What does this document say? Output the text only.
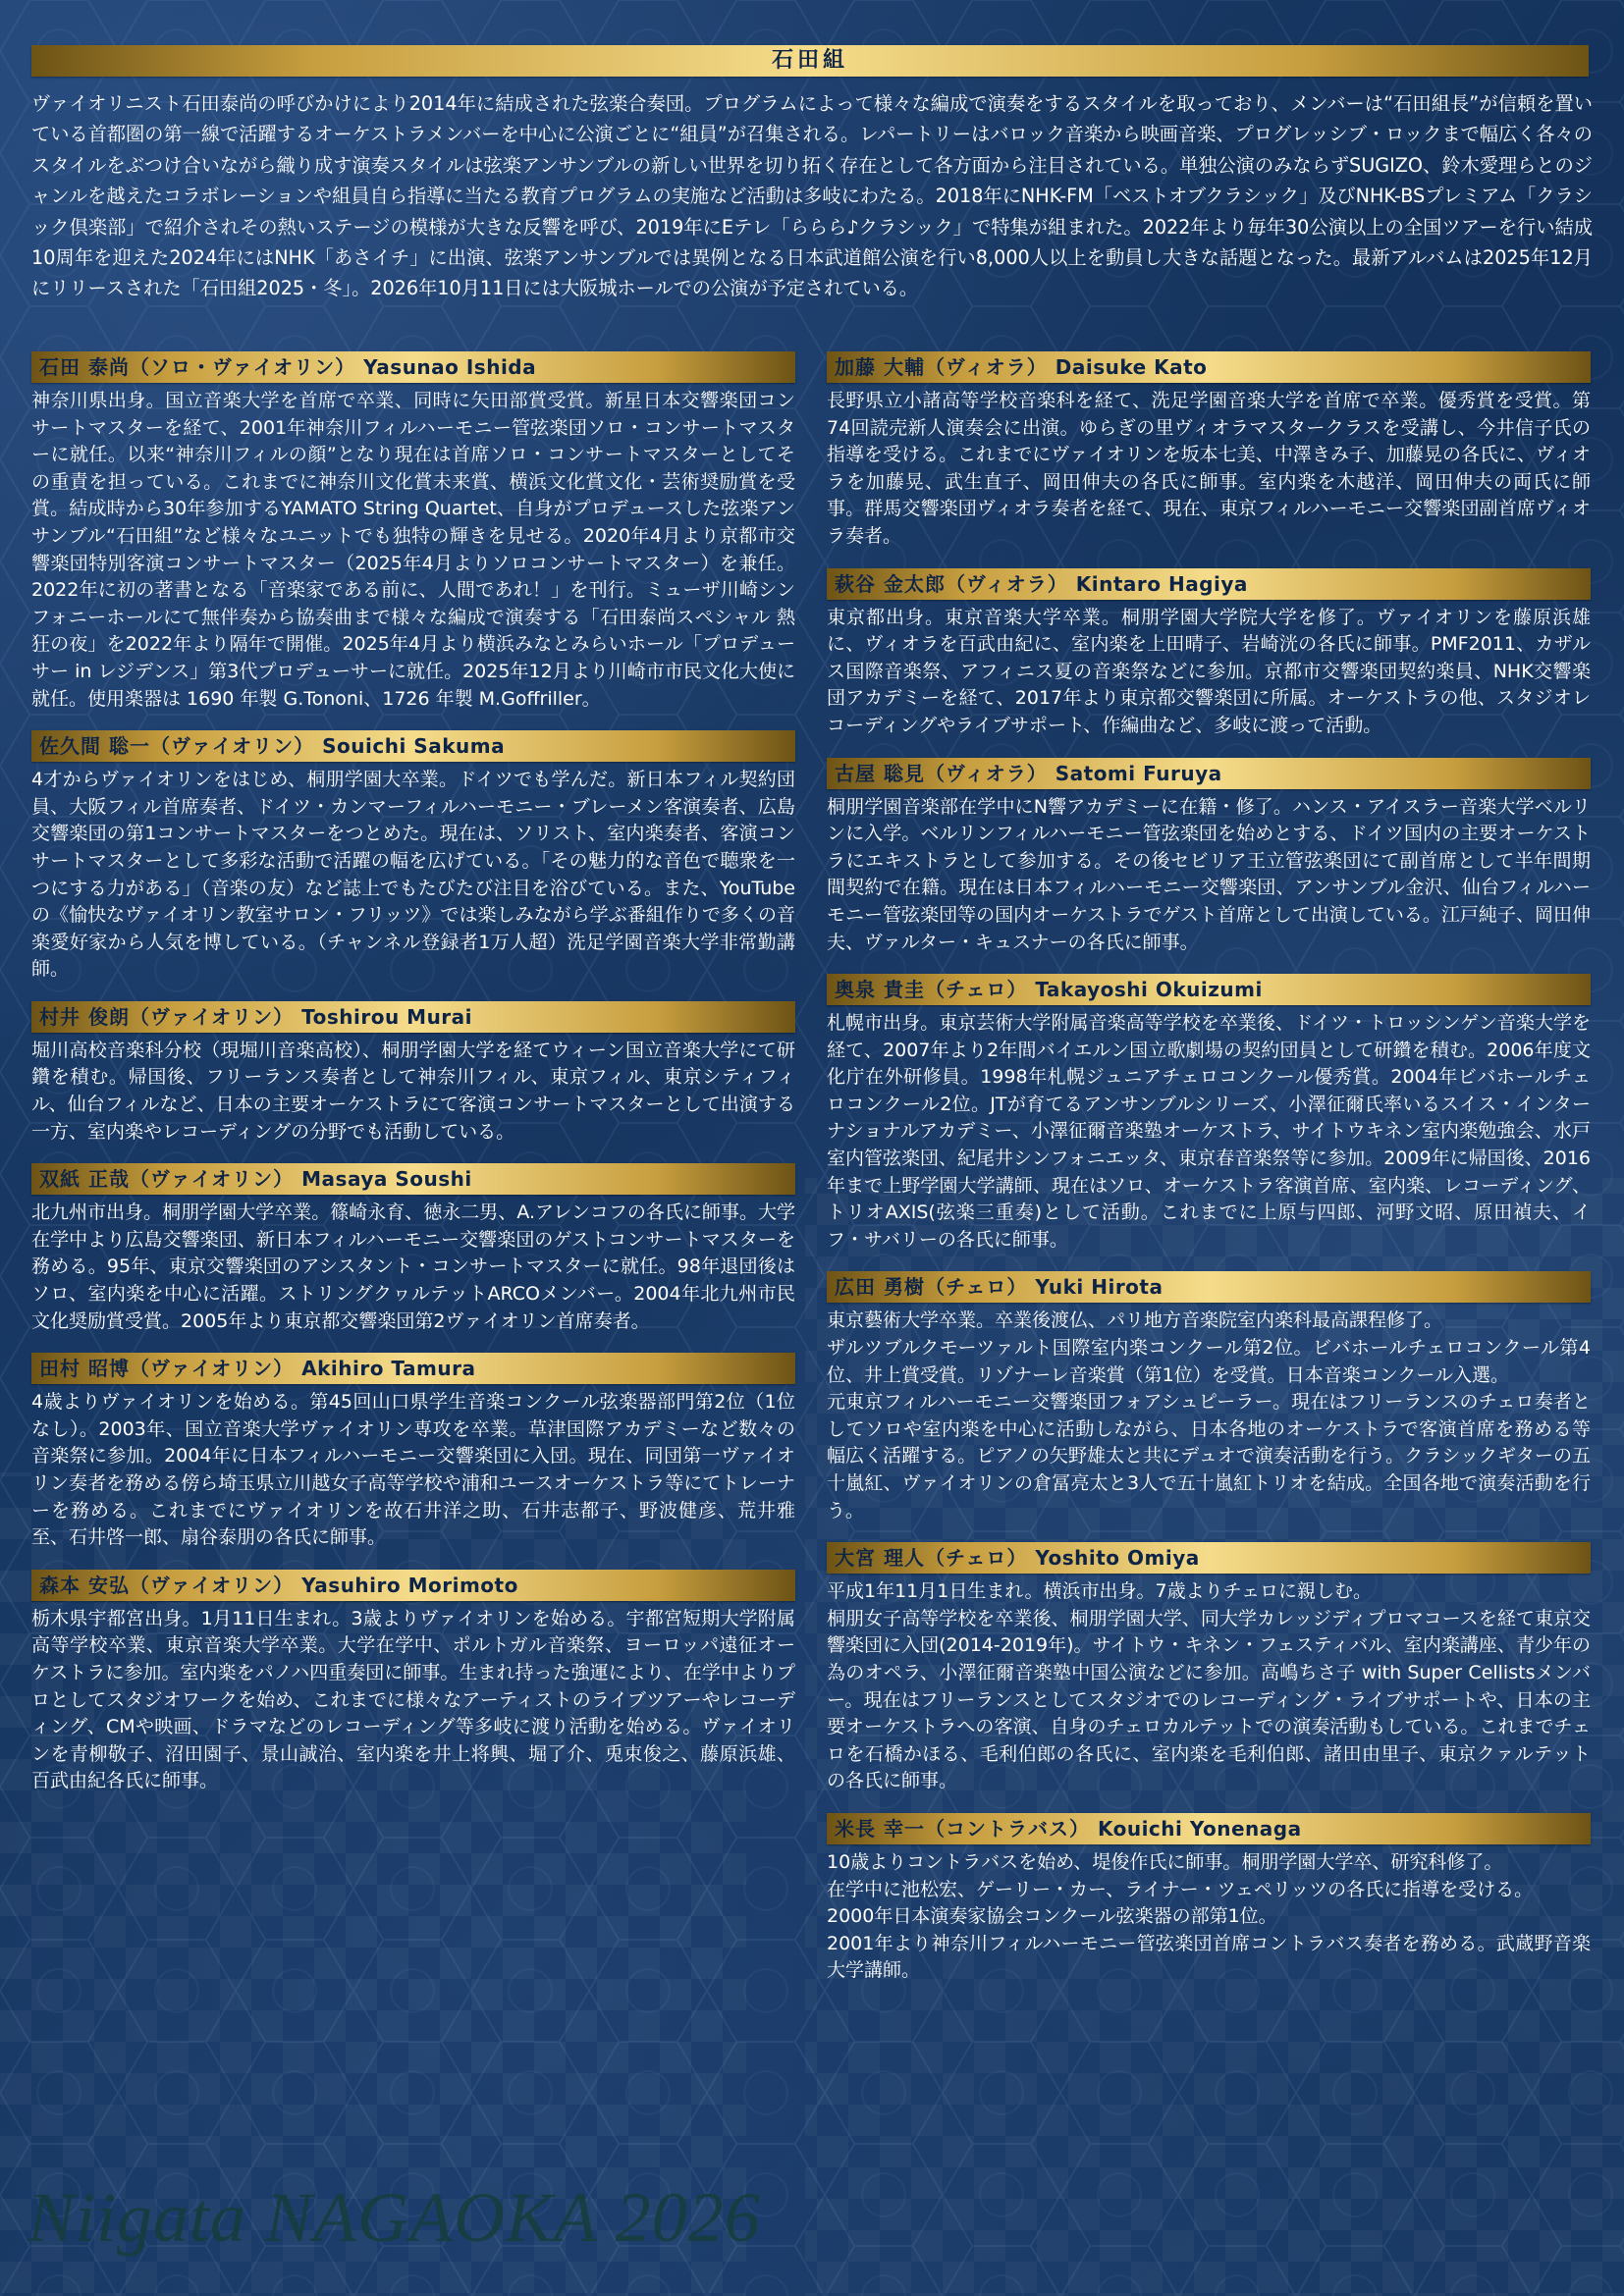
石田組

ヴァイオリニスト石田泰尚の呼びかけにより2014年に結成された弦楽合奏団。プログラムによって様々な編成で演奏をするスタイルを取っており、メンバーは“石田組長”が信頼を置いている首都圏の第一線で活躍するオーケストラメンバーを中心に公演ごとに“組員”が召集される。レパートリーはバロック音楽から映画音楽、プログレッシブ・ロックまで幅広く各々のスタイルをぶつけ合いながら織り成す演奏スタイルは弦楽アンサンブルの新しい世界を切り拓く存在として各方面から注目されている。単独公演のみならずSUGIZO、鈴木愛理らとのジャンルを越えたコラボレーションや組員自ら指導に当たる教育プログラムの実施など活動は多岐にわたる。2018年にNHK-FM「ベストオブクラシック」及びNHK-BSプレミアム「クラシック倶楽部」で紹介されその熱いステージの模様が大きな反響を呼び、2019年にEテレ「ららら♪クラシック」で特集が組まれた。2022年より毎年30公演以上の全国ツアーを行い結成10周年を迎えた2024年にはNHK「あさイチ」に出演、弦楽アンサンブルでは異例となる日本武道館公演を行い8,000人以上を動員し大きな話題となった。最新アルバムは2025年12月にリリースされた「石田組2025・冬」。2026年10月11日には大阪城ホールでの公演が予定されている。

石田 泰尚（ソロ・ヴァイオリン） Yasunao Ishida

神奈川県出身。国立音楽大学を首席で卒業、同時に矢田部賞受賞。新星日本交響楽団コンサートマスターを経て、2001年神奈川フィルハーモニー管弦楽団ソロ・コンサートマスターに就任。以来“神奈川フィルの顔”となり現在は首席ソロ・コンサートマスターとしてその重責を担っている。これまでに神奈川文化賞未来賞、横浜文化賞文化・芸術奨励賞を受賞。結成時から30年参加するYAMATO String Quartet、自身がプロデュースした弦楽アンサンブル“石田組”など様々なユニットでも独特の輝きを見せる。2020年4月より京都市交響楽団特別客演コンサートマスター（2025年4月よりソロコンサートマスター）を兼任。2022年に初の著書となる「音楽家である前に、人間であれ！」を刊行。ミューザ川崎シンフォニーホールにて無伴奏から協奏曲まで様々な編成で演奏する「石田泰尚スペシャル 熱狂の夜」を2022年より隔年で開催。2025年4月より横浜みなとみらいホール「プロデューサー in レジデンス」第3代プロデューサーに就任。2025年12月より川崎市市民文化大使に就任。使用楽器は 1690 年製 G.Tononi、1726 年製 M.Goffriller。

佐久間 聡一（ヴァイオリン） Souichi Sakuma

4才からヴァイオリンをはじめ、桐朋学園大卒業。ドイツでも学んだ。新日本フィル契約団員、大阪フィル首席奏者、ドイツ・カンマーフィルハーモニー・ブレーメン客演奏者、広島交響楽団の第1コンサートマスターをつとめた。現在は、ソリスト、室内楽奏者、客演コンサートマスターとして多彩な活動で活躍の幅を広げている。「その魅力的な音色で聴衆を一つにする力がある」（音楽の友）など誌上でもたびたび注目を浴びている。また、YouTubeの《愉快なヴァイオリン教室サロン・フリッツ》では楽しみながら学ぶ番組作りで多くの音楽愛好家から人気を博している。（チャンネル登録者1万人超）洗足学園音楽大学非常勤講師。

村井 俊朗（ヴァイオリン） Toshirou Murai

堀川高校音楽科分校（現堀川音楽高校）、桐朋学園大学を経てウィーン国立音楽大学にて研鑽を積む。帰国後、フリーランス奏者として神奈川フィル、東京フィル、東京シティフィル、仙台フィルなど、日本の主要オーケストラにて客演コンサートマスターとして出演する一方、室内楽やレコーディングの分野でも活動している。

双紙 正哉（ヴァイオリン） Masaya Soushi

北九州市出身。桐朋学園大学卒業。篠崎永育、徳永二男、A.アレンコフの各氏に師事。大学在学中より広島交響楽団、新日本フィルハーモニー交響楽団のゲストコンサートマスターを務める。95年、東京交響楽団のアシスタント・コンサートマスターに就任。98年退団後はソロ、室内楽を中心に活躍。ストリングクヮルテットARCOメンバー。2004年北九州市民文化奨励賞受賞。2005年より東京都交響楽団第2ヴァイオリン首席奏者。

田村 昭博（ヴァイオリン） Akihiro Tamura

4歳よりヴァイオリンを始める。第45回山口県学生音楽コンクール弦楽器部門第2位（1位なし）。2003年、国立音楽大学ヴァイオリン専攻を卒業。草津国際アカデミーなど数々の音楽祭に参加。2004年に日本フィルハーモニー交響楽団に入団。現在、同団第一ヴァイオリン奏者を務める傍ら埼玉県立川越女子高等学校や浦和ユースオーケストラ等にてトレーナーを務める。これまでにヴァイオリンを故石井洋之助、石井志都子、野波健彦、荒井雅至、石井啓一郎、扇谷泰朋の各氏に師事。

森本 安弘（ヴァイオリン） Yasuhiro Morimoto

栃木県宇都宮出身。1月11日生まれ。3歳よりヴァイオリンを始める。宇都宮短期大学附属高等学校卒業、東京音楽大学卒業。大学在学中、ポルトガル音楽祭、ヨーロッパ遠征オーケストラに参加。室内楽をパノハ四重奏団に師事。生まれ持った強運により、在学中よりプロとしてスタジオワークを始め、これまでに様々なアーティストのライブツアーやレコーディング、CMや映画、ドラマなどのレコーディング等多岐に渡り活動を始める。ヴァイオリンを青柳敬子、沼田園子、景山誠治、室内楽を井上将興、堀了介、兎束俊之、藤原浜雄、百武由紀各氏に師事。

加藤 大輔（ヴィオラ） Daisuke Kato

長野県立小諸高等学校音楽科を経て、洗足学園音楽大学を首席で卒業。優秀賞を受賞。第74回読売新人演奏会に出演。ゆらぎの里ヴィオラマスタークラスを受講し、今井信子氏の指導を受ける。これまでにヴァイオリンを坂本七美、中澤きみ子、加藤晃の各氏に、ヴィオラを加藤晃、武生直子、岡田伸夫の各氏に師事。室内楽を木越洋、岡田伸夫の両氏に師事。群馬交響楽団ヴィオラ奏者を経て、現在、東京フィルハーモニー交響楽団副首席ヴィオラ奏者。

萩谷 金太郎（ヴィオラ） Kintaro Hagiya

東京都出身。東京音楽大学卒業。桐朋学園大学院大学を修了。ヴァイオリンを藤原浜雄に、ヴィオラを百武由紀に、室内楽を上田晴子、岩崎洸の各氏に師事。PMF2011、カザルス国際音楽祭、アフィニス夏の音楽祭などに参加。京都市交響楽団契約楽員、NHK交響楽団アカデミーを経て、2017年より東京都交響楽団に所属。オーケストラの他、スタジオレコーディングやライブサポート、作編曲など、多岐に渡って活動。

古屋 聡見（ヴィオラ） Satomi Furuya

桐朋学園音楽部在学中にN響アカデミーに在籍・修了。ハンス・アイスラー音楽大学ベルリンに入学。ベルリンフィルハーモニー管弦楽団を始めとする、ドイツ国内の主要オーケストラにエキストラとして参加する。その後セビリア王立管弦楽団にて副首席として半年間期間契約で在籍。現在は日本フィルハーモニー交響楽団、アンサンブル金沢、仙台フィルハーモニー管弦楽団等の国内オーケストラでゲスト首席として出演している。江戸純子、岡田伸夫、ヴァルター・キュスナーの各氏に師事。

奥泉 貴圭（チェロ） Takayoshi Okuizumi

札幌市出身。東京芸術大学附属音楽高等学校を卒業後、ドイツ・トロッシンゲン音楽大学を経て、2007年より2年間バイエルン国立歌劇場の契約団員として研鑽を積む。2006年度文化庁在外研修員。1998年札幌ジュニアチェロコンクール優秀賞。2004年ビバホールチェロコンクール2位。JTが育てるアンサンブルシリーズ、小澤征爾氏率いるスイス・インターナショナルアカデミー、小澤征爾音楽塾オーケストラ、サイトウキネン室内楽勉強会、水戸室内管弦楽団、紀尾井シンフォニエッタ、東京春音楽祭等に参加。2009年に帰国後、2016年まで上野学園大学講師、現在はソロ、オーケストラ客演首席、室内楽、レコーディング、トリオAXIS(弦楽三重奏)として活動。これまでに上原与四郎、河野文昭、原田禎夫、イフ・サバリーの各氏に師事。

広田 勇樹（チェロ） Yuki Hirota

東京藝術大学卒業。卒業後渡仏、パリ地方音楽院室内楽科最高課程修了。
ザルツブルクモーツァルト国際室内楽コンクール第2位。ビバホールチェロコンクール第4位、井上賞受賞。リゾナーレ音楽賞（第1位）を受賞。日本音楽コンクール入選。
元東京フィルハーモニー交響楽団フォアシュピーラー。現在はフリーランスのチェロ奏者としてソロや室内楽を中心に活動しながら、日本各地のオーケストラで客演首席を務める等幅広く活躍する。ピアノの矢野雄太と共にデュオで演奏活動を行う。クラシックギターの五十嵐紅、ヴァイオリンの倉冨亮太と3人で五十嵐紅トリオを結成。全国各地で演奏活動を行う。

大宮 理人（チェロ） Yoshito Omiya

平成1年11月1日生まれ。横浜市出身。7歳よりチェロに親しむ。
桐朋女子高等学校を卒業後、桐朋学園大学、同大学カレッジディプロマコースを経て東京交響楽団に入団(2014-2019年)。サイトウ・キネン・フェスティバル、室内楽講座、青少年の為のオペラ、小澤征爾音楽塾中国公演などに参加。高嶋ちさ子 with Super Cellistsメンバー。現在はフリーランスとしてスタジオでのレコーディング・ライブサポートや、日本の主要オーケストラへの客演、自身のチェロカルテットでの演奏活動もしている。これまでチェロを石橋かほる、毛利伯郎の各氏に、室内楽を毛利伯郎、諸田由里子、東京クァルテットの各氏に師事。

米長 幸一（コントラバス） Kouichi Yonenaga

10歳よりコントラバスを始め、堤俊作氏に師事。桐朋学園大学卒、研究科修了。
在学中に池松宏、ゲーリー・カー、ライナー・ツェペリッツの各氏に指導を受ける。
2000年日本演奏家協会コンクール弦楽器の部第1位。
2001年より神奈川フィルハーモニー管弦楽団首席コントラバス奏者を務める。武蔵野音楽大学講師。

Niigata NAGAOKA 2026
